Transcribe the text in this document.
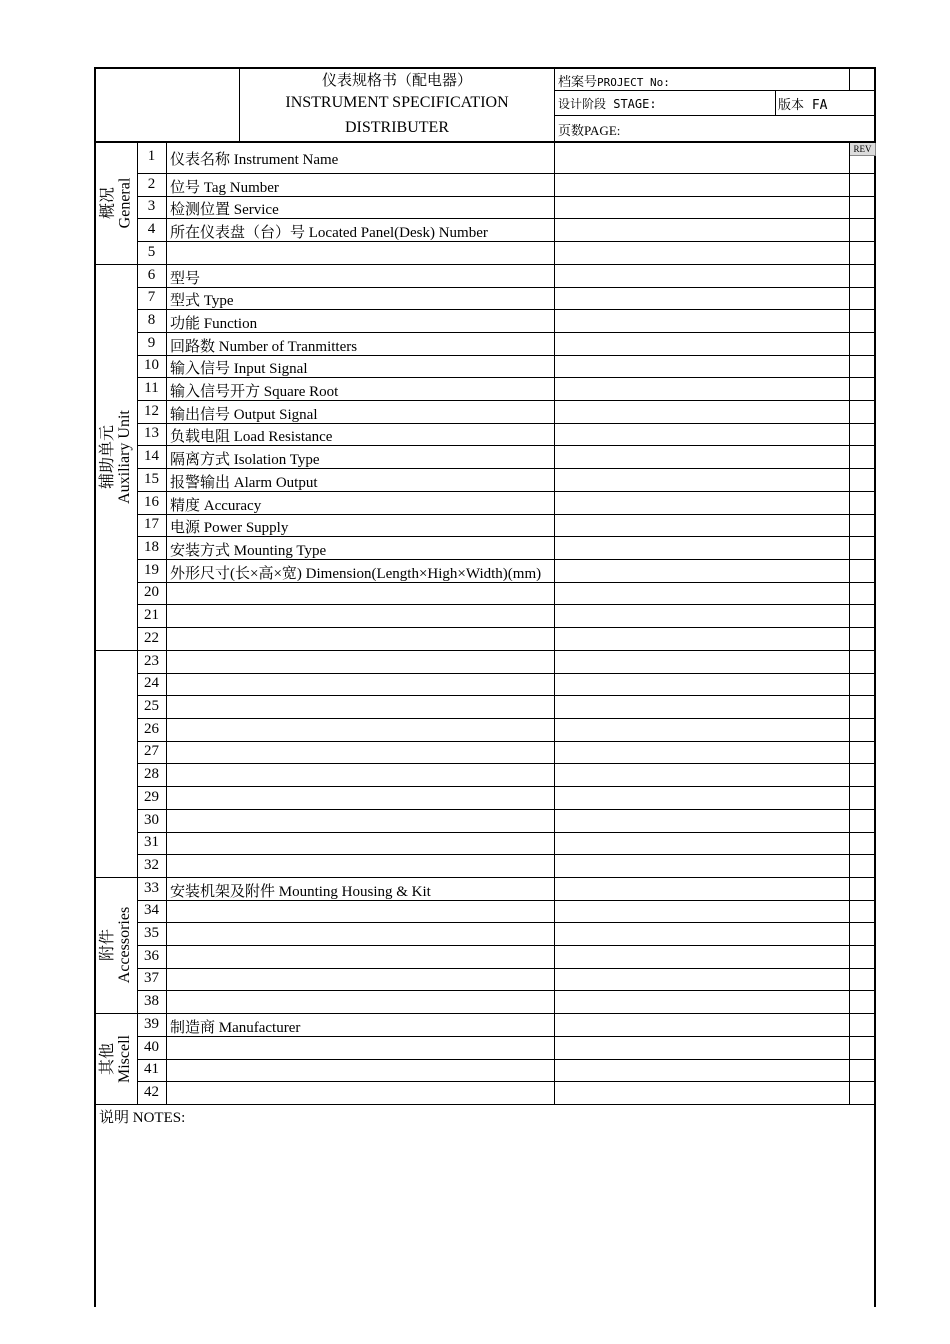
仪表规格书（配电器）
INSTRUMENT SPECIFICATION
DISTRIBUTER
档案号PROJECT No:
设计阶段 STAGE:	版本 FA
页数PAGE:
REV
概况 General
辅助单元 Auxiliary Unit
附件 Accessories
其他 Miscell
1 仪表名称 Instrument Name
2 位号 Tag Number
3 检测位置 Service
4 所在仪表盘（台）号 Located Panel(Desk) Number
5
6 型号
7 型式 Type
8 功能 Function
9 回路数 Number of Tranmitters
10 输入信号 Input Signal
11 输入信号开方 Square Root
12 输出信号 Output Signal
13 负载电阻 Load Resistance
14 隔离方式 Isolation Type
15 报警输出 Alarm Output
16 精度 Accuracy
17 电源 Power Supply
18 安装方式 Mounting Type
19 外形尺寸(长×高×宽) Dimension(Length×High×Width)(mm)
20
21
22
23
24
25
26
27
28
29
30
31
32
33 安装机架及附件 Mounting Housing & Kit
34
35
36
37
38
39 制造商 Manufacturer
40
41
42
说明 NOTES:
